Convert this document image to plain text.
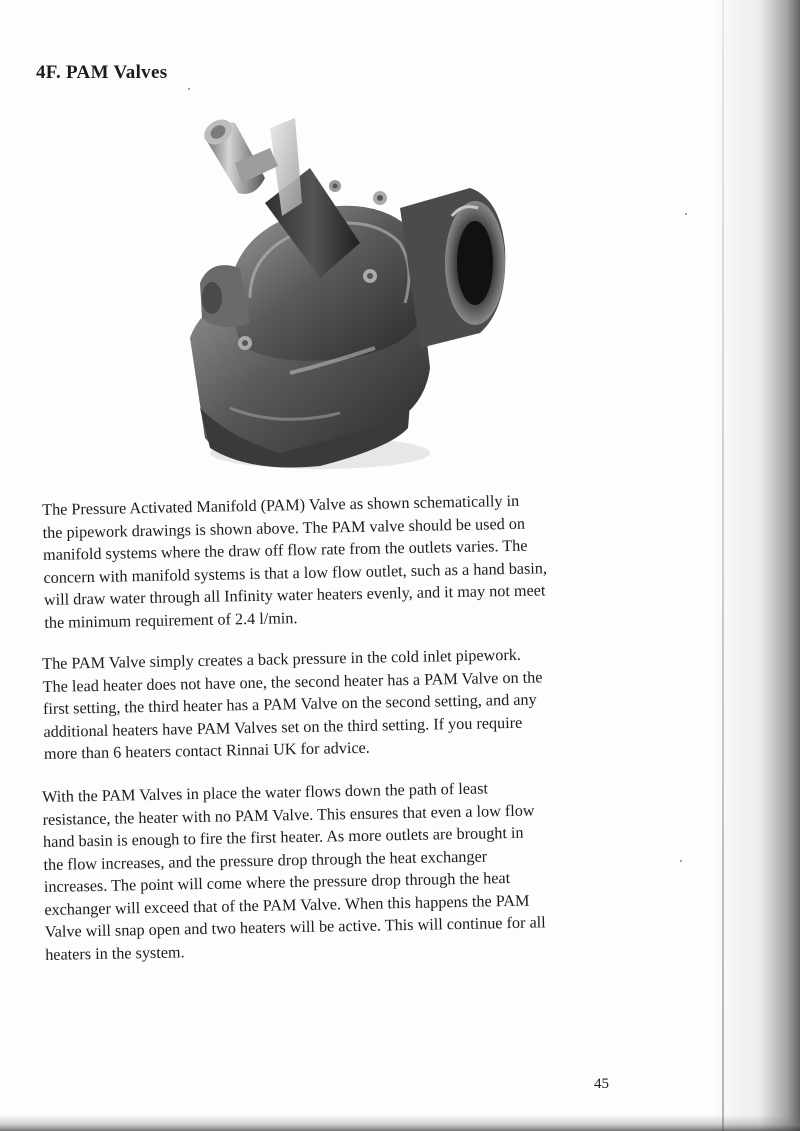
4F. PAM Valves

The Pressure Activated Manifold (PAM) Valve as shown schematically in
the pipework drawings is shown above. The PAM valve should be used on
manifold systems where the draw off flow rate from the outlets varies. The
concern with manifold systems is that a low flow outlet, such as a hand basin,
will draw water through all Infinity water heaters evenly, and it may not meet
the minimum requirement of 2.4 l/min.

The PAM Valve simply creates a back pressure in the cold inlet pipework.
The lead heater does not have one, the second heater has a PAM Valve on the
first setting, the third heater has a PAM Valve on the second setting, and any
additional heaters have PAM Valves set on the third setting. If you require
more than 6 heaters contact Rinnai UK for advice.

With the PAM Valves in place the water flows down the path of least
resistance, the heater with no PAM Valve. This ensures that even a low flow
hand basin is enough to fire the first heater. As more outlets are brought in
the flow increases, and the pressure drop through the heat exchanger
increases. The point will come where the pressure drop through the heat
exchanger will exceed that of the PAM Valve. When this happens the PAM
Valve will snap open and two heaters will be active. This will continue for all
heaters in the system.

45
